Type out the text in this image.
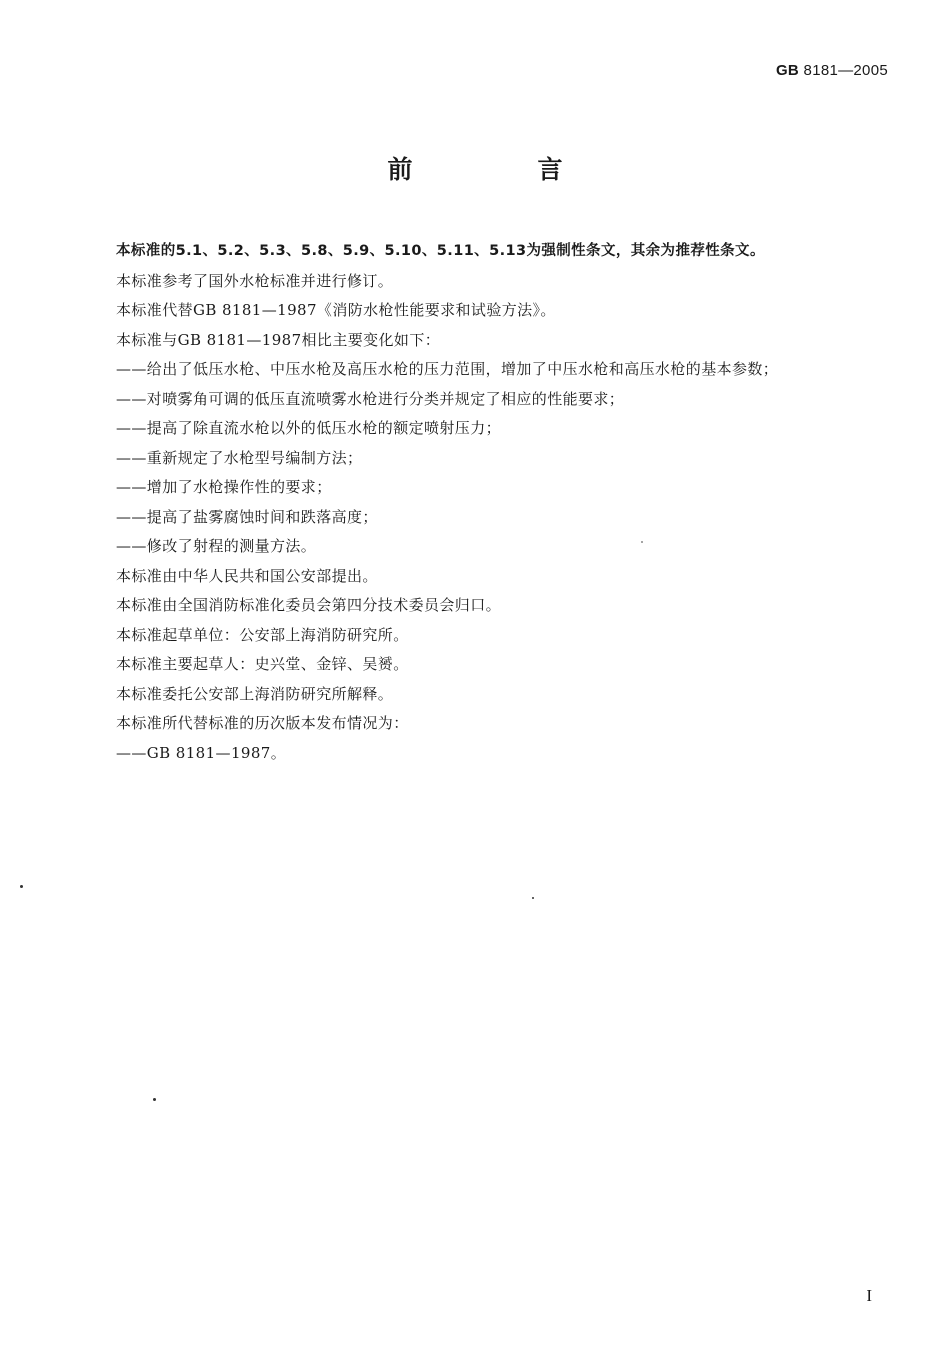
GB 8181—2005
前　言
本标准的5.1、5.2、5.3、5.8、5.9、5.10、5.11、5.13为强制性条文，其余为推荐性条文。
本标准参考了国外水枪标准并进行修订。
本标准代替GB 8181—1987《消防水枪性能要求和试验方法》。
本标准与GB 8181—1987相比主要变化如下：
——给出了低压水枪、中压水枪及高压水枪的压力范围，增加了中压水枪和高压水枪的基本参数；
——对喷雾角可调的低压直流喷雾水枪进行分类并规定了相应的性能要求；
——提高了除直流水枪以外的低压水枪的额定喷射压力；
——重新规定了水枪型号编制方法；
——增加了水枪操作性的要求；
——提高了盐雾腐蚀时间和跌落高度；
——修改了射程的测量方法。
本标准由中华人民共和国公安部提出。
本标准由全国消防标准化委员会第四分技术委员会归口。
本标准起草单位：公安部上海消防研究所。
本标准主要起草人：史兴堂、金锌、吴赟。
本标准委托公安部上海消防研究所解释。
本标准所代替标准的历次版本发布情况为：
——GB 8181—1987。
I
